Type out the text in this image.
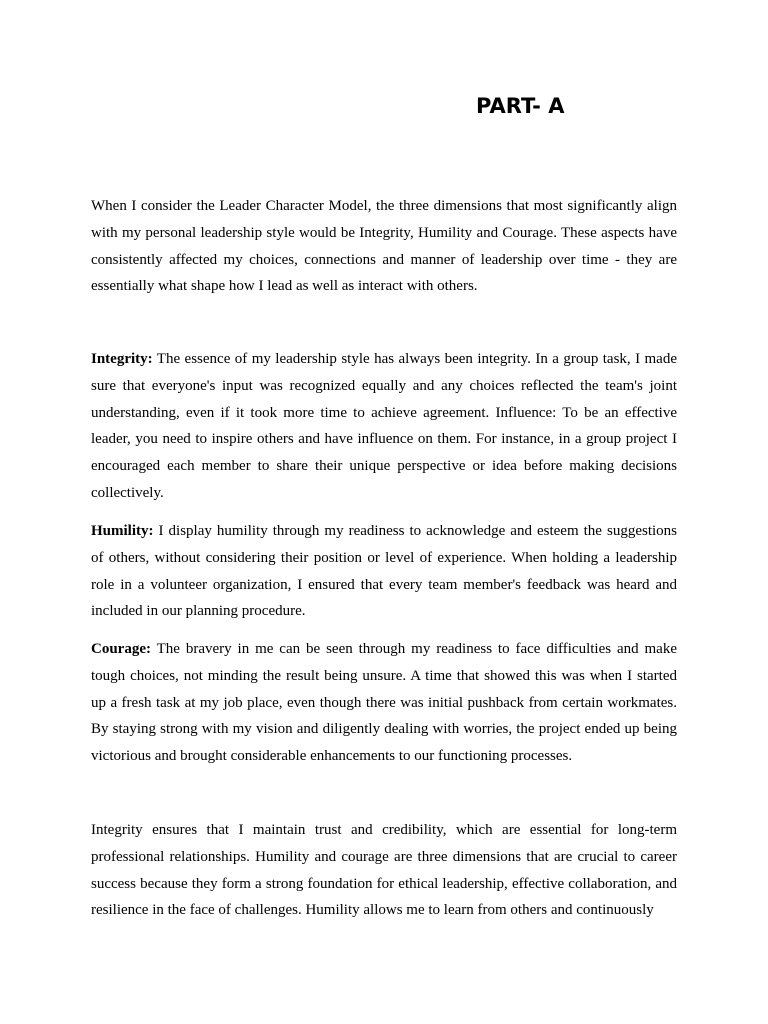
PART- A

When I consider the Leader Character Model, the three dimensions that most significantly align with my personal leadership style would be Integrity, Humility and Courage. These aspects have consistently affected my choices, connections and manner of leadership over time - they are essentially what shape how I lead as well as interact with others.

Integrity: The essence of my leadership style has always been integrity. In a group task, I made sure that everyone's input was recognized equally and any choices reflected the team's joint understanding, even if it took more time to achieve agreement. Influence: To be an effective leader, you need to inspire others and have influence on them. For instance, in a group project I encouraged each member to share their unique perspective or idea before making decisions collectively.

Humility: I display humility through my readiness to acknowledge and esteem the suggestions of others, without considering their position or level of experience. When holding a leadership role in a volunteer organization, I ensured that every team member's feedback was heard and included in our planning procedure.

Courage: The bravery in me can be seen through my readiness to face difficulties and make tough choices, not minding the result being unsure. A time that showed this was when I started up a fresh task at my job place, even though there was initial pushback from certain workmates. By staying strong with my vision and diligently dealing with worries, the project ended up being victorious and brought considerable enhancements to our functioning processes.

Integrity ensures that I maintain trust and credibility, which are essential for long-term professional relationships. Humility and courage are three dimensions that are crucial to career success because they form a strong foundation for ethical leadership, effective collaboration, and resilience in the face of challenges. Humility allows me to learn from others and continuously
